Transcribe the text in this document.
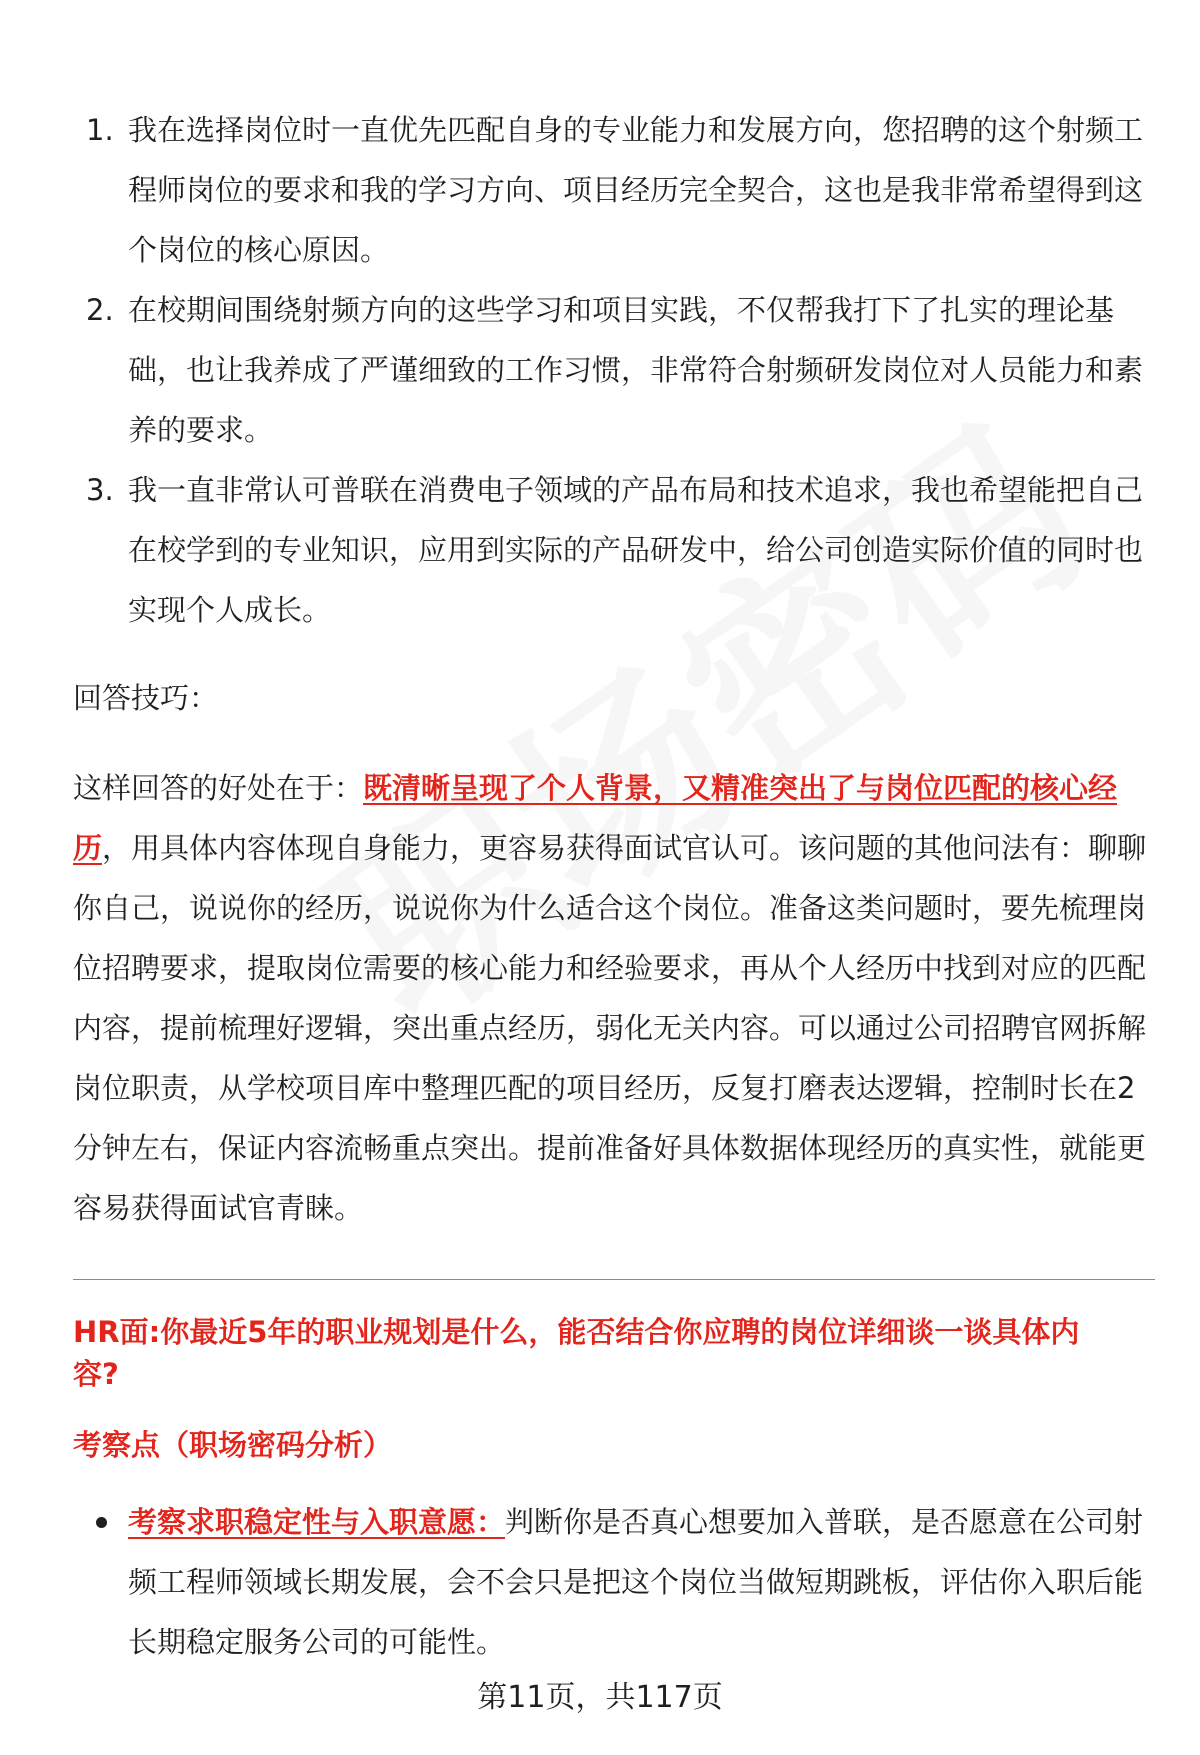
1. 我在选择岗位时一直优先匹配自身的专业能力和发展方向，您招聘的这个射频工程师岗位的要求和我的学习方向、项目经历完全契合，这也是我非常希望得到这个岗位的核心原因。
2. 在校期间围绕射频方向的这些学习和项目实践，不仅帮我打下了扎实的理论基础，也让我养成了严谨细致的工作习惯，非常符合射频研发岗位对人员能力和素养的要求。
3. 我一直非常认可普联在消费电子领域的产品布局和技术追求，我也希望能把自己在校学到的专业知识，应用到实际的产品研发中，给公司创造实际价值的同时也实现个人成长。

回答技巧：

这样回答的好处在于：既清晰呈现了个人背景，又精准突出了与岗位匹配的核心经历，用具体内容体现自身能力，更容易获得面试官认可。该问题的其他问法有：聊聊你自己，说说你的经历，说说你为什么适合这个岗位。准备这类问题时，要先梳理岗位招聘要求，提取岗位需要的核心能力和经验要求，再从个人经历中找到对应的匹配内容，提前梳理好逻辑，突出重点经历，弱化无关内容。可以通过公司招聘官网拆解岗位职责，从学校项目库中整理匹配的项目经历，反复打磨表达逻辑，控制时长在2分钟左右，保证内容流畅重点突出。提前准备好具体数据体现经历的真实性，就能更容易获得面试官青睐。

HR面:你最近5年的职业规划是什么，能否结合你应聘的岗位详细谈一谈具体内容?
考察点（职场密码分析）
考察求职稳定性与入职意愿：判断你是否真心想要加入普联，是否愿意在公司射频工程师领域长期发展，会不会只是把这个岗位当做短期跳板，评估你入职后能长期稳定服务公司的可能性。
第11页，共117页
